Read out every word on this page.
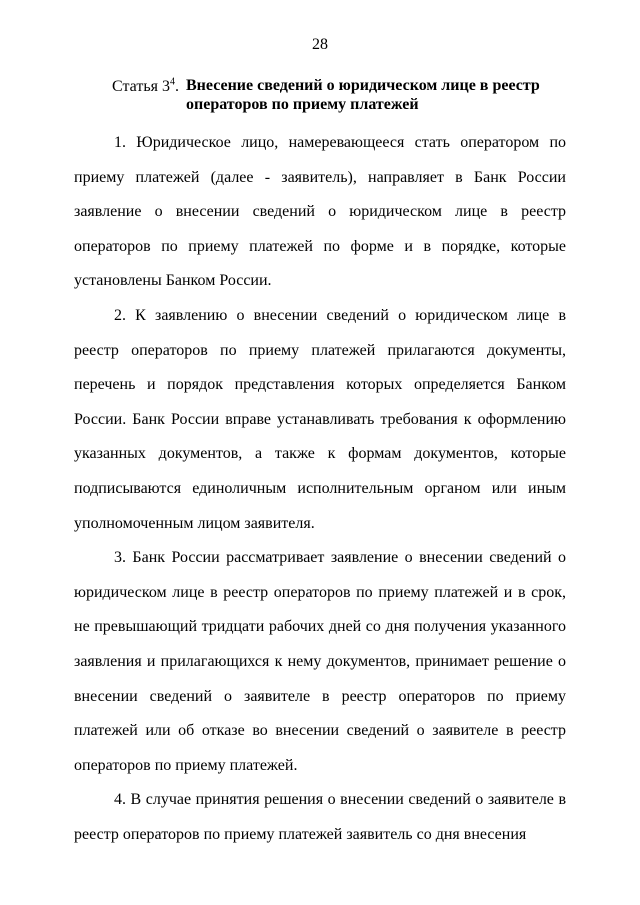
28
Статья $3^4$. Внесение сведений о юридическом лице в реестр операторов по приему платежей

1. Юридическое лицо, намеревающееся стать оператором по приему платежей (далее - заявитель), направляет в Банк России заявление о внесении сведений о юридическом лице в реестр операторов по приему платежей по форме и в порядке, которые установлены Банком России.

2. К заявлению о внесении сведений о юридическом лице в реестр операторов по приему платежей прилагаются документы, перечень и порядок представления которых определяется Банком России. Банк России вправе устанавливать требования к оформлению указанных документов, а также к формам документов, которые подписываются единоличным исполнительным органом или иным уполномоченным лицом заявителя.

3. Банк России рассматривает заявление о внесении сведений о юридическом лице в реестр операторов по приему платежей и в срок, не превышающий тридцати рабочих дней со дня получения указанного заявления и прилагающихся к нему документов, принимает решение о внесении сведений о заявителе в реестр операторов по приему платежей или об отказе во внесении сведений о заявителе в реестр операторов по приему платежей.

4. В случае принятия решения о внесении сведений о заявителе в реестр операторов по приему платежей заявитель со дня внесения
